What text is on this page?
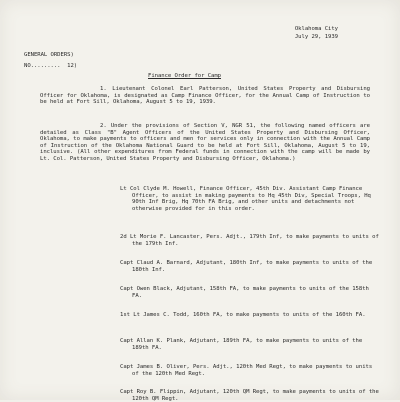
Oklahoma City
July 29, 1939
GENERAL ORDERS)
NO.........  12)
Finance Order for Camp
1. Lieutenant Colonel Earl Patterson, United States Property and Disbursing Officer for Oklahoma, is designated as Camp Finance Officer, for the Annual Camp of Instruction to be held at Fort Sill, Oklahoma, August 5 to 19, 1939.
2. Under the provisions of Section V, NGR 51, the following named officers are detailed as Class "B" Agent Officers of the United States Property and Disbursing Officer, Oklahoma, to make payments to officers and men for services only in connection with the Annual Camp of Instruction of the Oklahoma National Guard to be held at Fort Sill, Oklahoma, August 5 to 19, inclusive. (All other expenditures from Federal funds in connection with the camp will be made by Lt. Col. Patterson, United States Property and Disbursing Officer, Oklahoma.)
Lt Col Clyde M. Howell, Finance Officer, 45th Div. Assistant Camp Finance Officer, to assist in making payments to Hq 45th Div, Special Troops, Hq 90th Inf Brig, Hq 70th FA Brig, and other units and detachments not otherwise provided for in this order.
2d Lt Morie F. Lancaster, Pers. Adjt., 179th Inf, to make payments to units of the 179th Inf.
Capt Claud A. Barnard, Adjutant, 180th Inf, to make payments to units of the 180th Inf.
Capt Owen Black, Adjutant, 158th FA, to make payments to units of the 158th FA.
1st Lt James C. Todd, 160th FA, to make payments to units of the 160th FA.
Capt Allan K. Plank, Adjutant, 189th FA, to make payments to units of the 189th FA.
Capt James B. Oliver, Pers. Adjt., 120th Med Regt, to make payments to units of the 120th Med Regt.
Capt Roy B. Flippin, Adjutant, 120th QM Regt, to make payments to units of the 120th QM Regt.
